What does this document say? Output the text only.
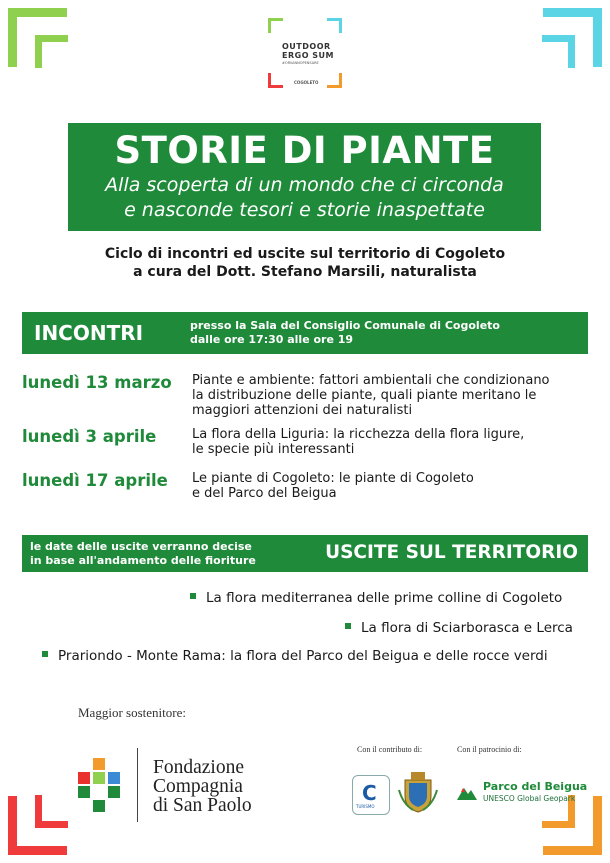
OUTDOOR
ERGO SUM
#ORVANNOPENSARE
COGOLETO
STORIE DI PIANTE
Alla scoperta di un mondo che ci circonda
e nasconde tesori e storie inaspettate
Ciclo di incontri ed uscite sul territorio di Cogoleto
a cura del Dott. Stefano Marsili, naturalista
INCONTRI	presso la Sala del Consiglio Comunale di Cogoleto
dalle ore 17:30 alle ore 19
lunedì 13 marzo Piante e ambiente: fattori ambientali che condizionano
la distribuzione delle piante, quali piante meritano le
maggiori attenzioni dei naturalisti
lunedì 3 aprile	La flora della Liguria: la ricchezza della flora ligure,
le specie più interessanti
lunedì 17 aprile Le piante di Cogoleto: le piante di Cogoleto
e del Parco del Beigua
le date delle uscite verranno decise
in base all'andamento delle fioriture	USCITE SUL TERRITORIO
La flora mediterranea delle prime colline di Cogoleto
La flora di Sciarborasca e Lerca
Prariondo - Monte Rama: la flora del Parco del Beigua e delle rocce verdi
Maggior sostenitore:
Fondazione
Compagnia
di San Paolo
Con il contributo di:	Con il patrocinio di:
C
TURISMO
Parco del Beigua
UNESCO Global Geopark
